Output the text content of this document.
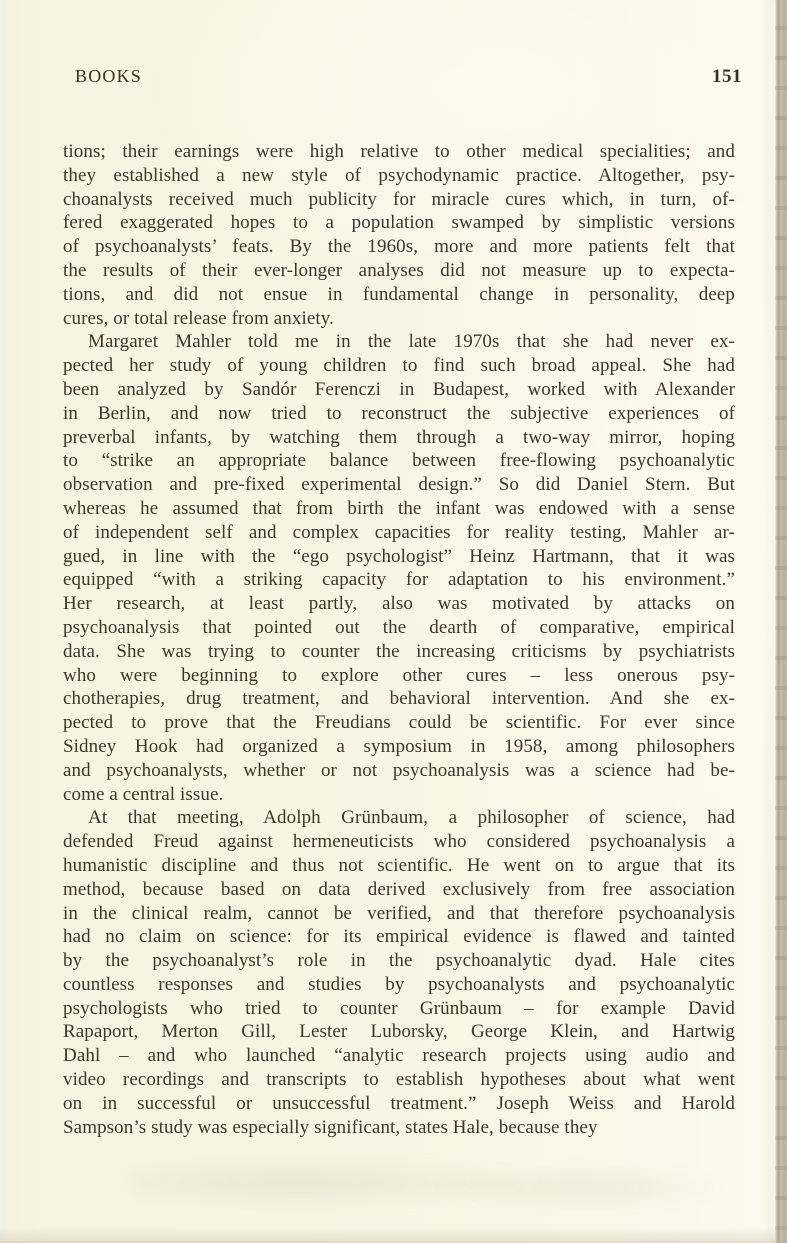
BOOKS	151
tions; their earnings were high relative to other medical specialities; and
they established a new style of psychodynamic practice. Altogether, psy-
choanalysts received much publicity for miracle cures which, in turn, of-
fered exaggerated hopes to a population swamped by simplistic versions
of psychoanalysts’ feats. By the 1960s, more and more patients felt that
the results of their ever-longer analyses did not measure up to expecta-
tions, and did not ensue in fundamental change in personality, deep
cures, or total release from anxiety.
Margaret Mahler told me in the late 1970s that she had never ex-
pected her study of young children to find such broad appeal. She had
been analyzed by Sandór Ferenczi in Budapest, worked with Alexander
in Berlin, and now tried to reconstruct the subjective experiences of
preverbal infants, by watching them through a two-way mirror, hoping
to “strike an appropriate balance between free-flowing psychoanalytic
observation and pre-fixed experimental design.” So did Daniel Stern. But
whereas he assumed that from birth the infant was endowed with a sense
of independent self and complex capacities for reality testing, Mahler ar-
gued, in line with the “ego psychologist” Heinz Hartmann, that it was
equipped “with a striking capacity for adaptation to his environment.”
Her research, at least partly, also was motivated by attacks on
psychoanalysis that pointed out the dearth of comparative, empirical
data. She was trying to counter the increasing criticisms by psychiatrists
who were beginning to explore other cures – less onerous psy-
chotherapies, drug treatment, and behavioral intervention. And she ex-
pected to prove that the Freudians could be scientific. For ever since
Sidney Hook had organized a symposium in 1958, among philosophers
and psychoanalysts, whether or not psychoanalysis was a science had be-
come a central issue.
At that meeting, Adolph Grünbaum, a philosopher of science, had
defended Freud against hermeneuticists who considered psychoanalysis a
humanistic discipline and thus not scientific. He went on to argue that its
method, because based on data derived exclusively from free association
in the clinical realm, cannot be verified, and that therefore psychoanalysis
had no claim on science: for its empirical evidence is flawed and tainted
by the psychoanalyst’s role in the psychoanalytic dyad. Hale cites
countless responses and studies by psychoanalysts and psychoanalytic
psychologists who tried to counter Grünbaum – for example David
Rapaport, Merton Gill, Lester Luborsky, George Klein, and Hartwig
Dahl – and who launched “analytic research projects using audio and
video recordings and transcripts to establish hypotheses about what went
on in successful or unsuccessful treatment.” Joseph Weiss and Harold
Sampson’s study was especially significant, states Hale, because they
